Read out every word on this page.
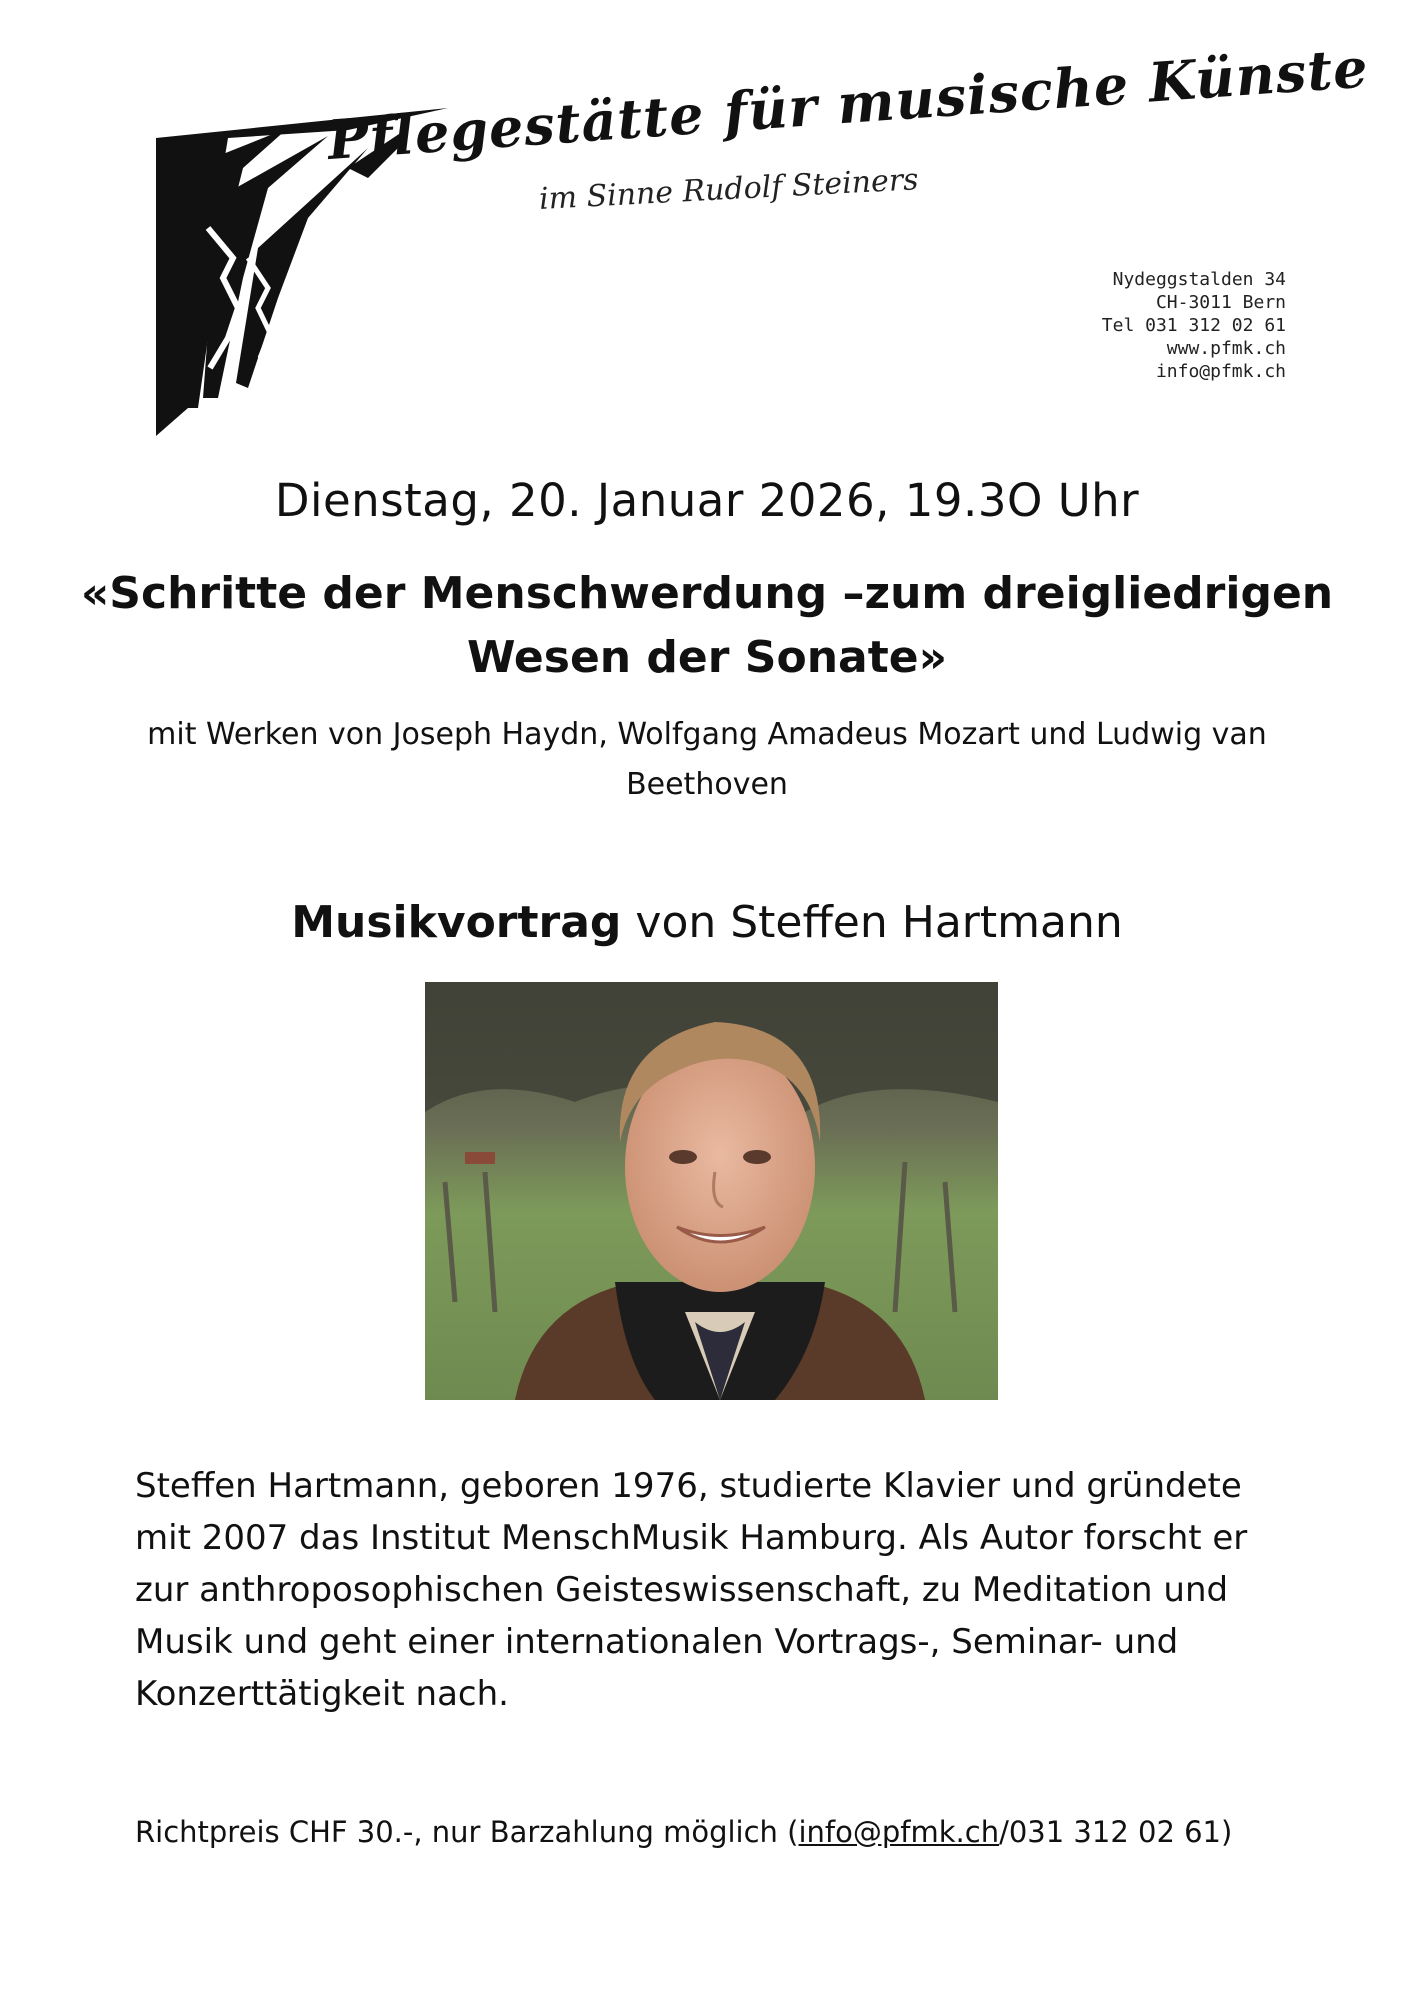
Pflegestätte für musische Künste

im Sinne Rudolf Steiners

Nydeggstalden 34
CH-3011 Bern
Tel 031 312 02 61
www.pfmk.ch
info@pfmk.ch
Dienstag, 20. Januar 2026, 19.3O Uhr
«Schritte der Menschwerdung –zum dreigliedrigen
Wesen der Sonate»
mit Werken von Joseph Haydn, Wolfgang Amadeus Mozart und Ludwig van
Beethoven
Musikvortrag von Steffen Hartmann
Steffen Hartmann, geboren 1976, studierte Klavier und gründete
mit 2007 das Institut MenschMusik Hamburg. Als Autor forscht er
zur anthroposophischen Geisteswissenschaft, zu Meditation und
Musik und geht einer internationalen Vortrags-, Seminar- und
Konzerttätigkeit nach.
Richtpreis CHF 30.-, nur Barzahlung möglich (info@pfmk.ch/031 312 02 61)
